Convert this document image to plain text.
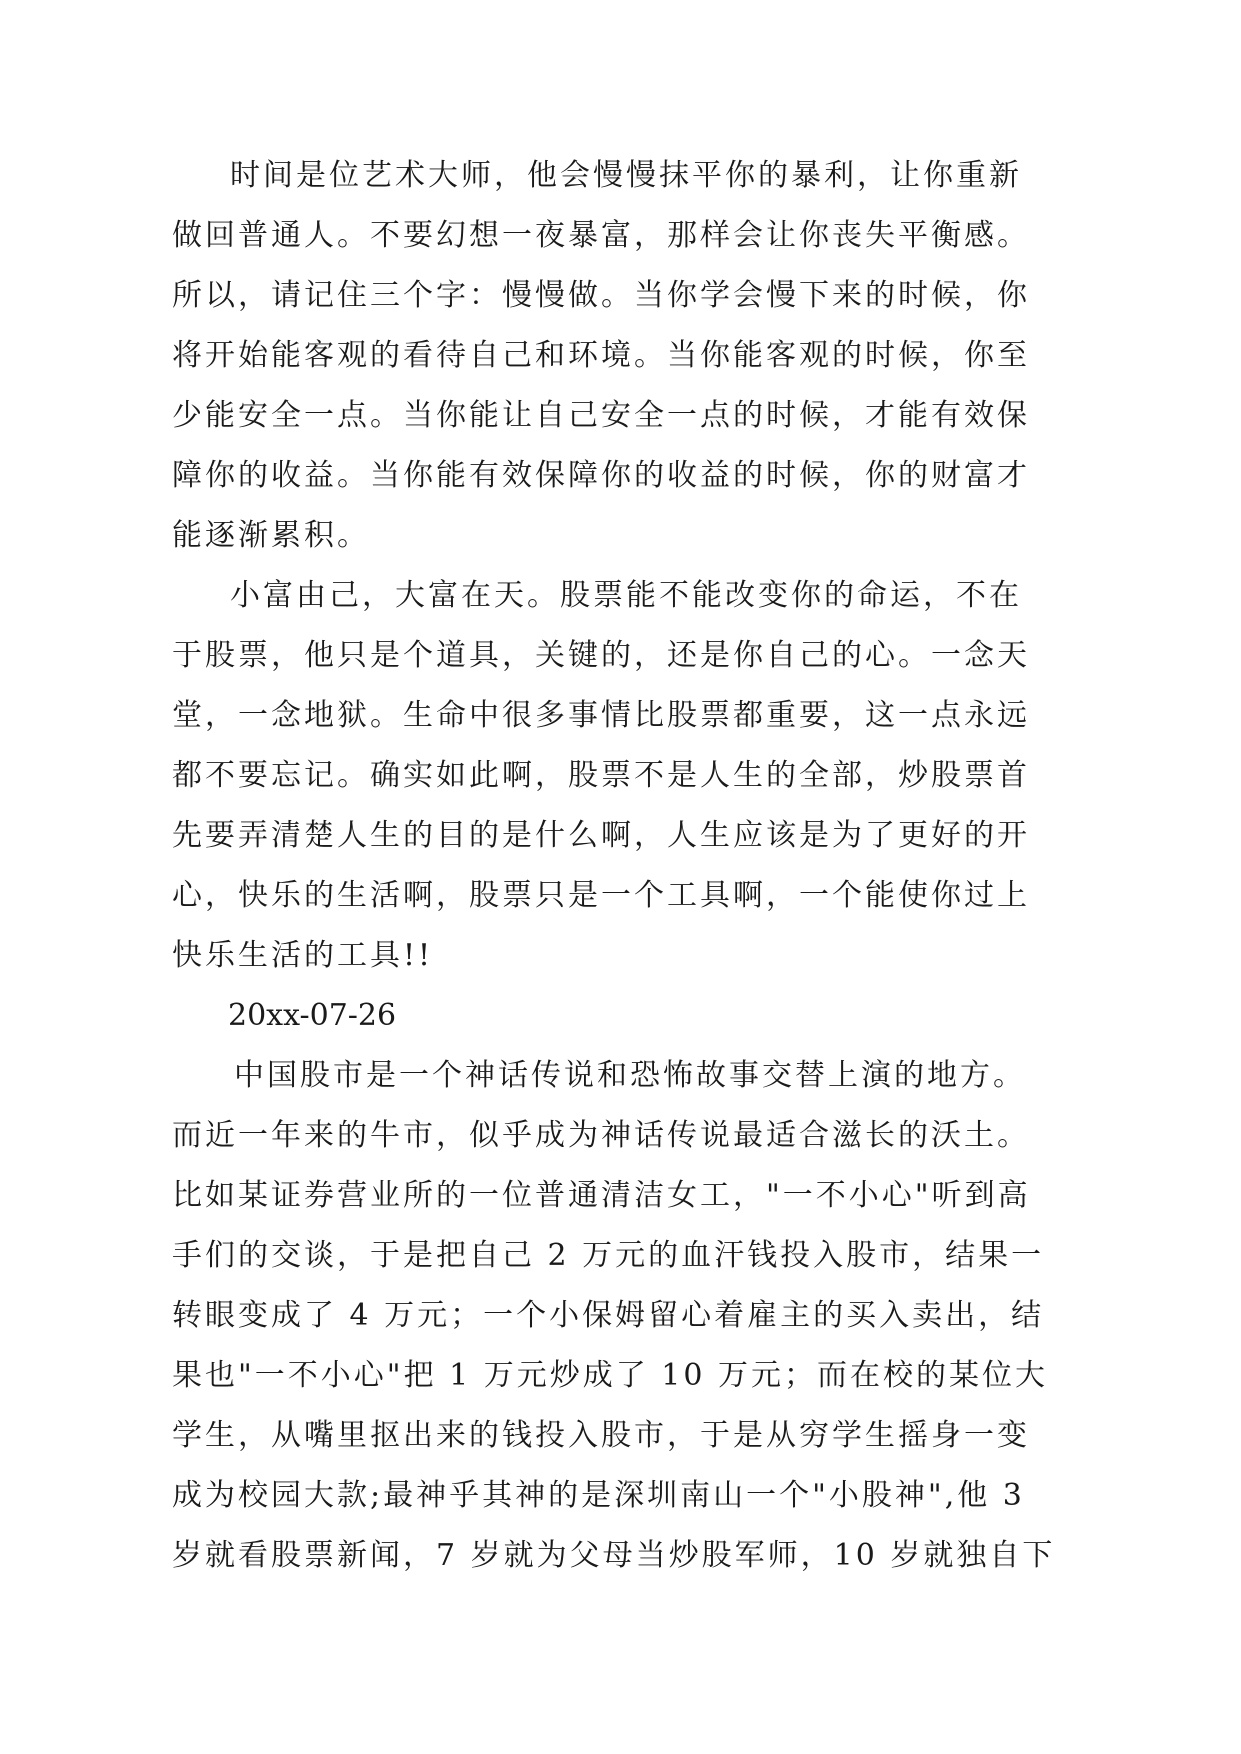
时间是位艺术大师，他会慢慢抹平你的暴利，让你重新
做回普通人。不要幻想一夜暴富，那样会让你丧失平衡感。
所以，请记住三个字：慢慢做。当你学会慢下来的时候，你
将开始能客观的看待自己和环境。当你能客观的时候，你至
少能安全一点。当你能让自己安全一点的时候，才能有效保
障你的收益。当你能有效保障你的收益的时候，你的财富才
能逐渐累积。
小富由己，大富在天。股票能不能改变你的命运，不在
于股票，他只是个道具，关键的，还是你自己的心。一念天
堂，一念地狱。生命中很多事情比股票都重要，这一点永远
都不要忘记。确实如此啊，股票不是人生的全部，炒股票首
先要弄清楚人生的目的是什么啊，人生应该是为了更好的开
心，快乐的生活啊，股票只是一个工具啊，一个能使你过上
快乐生活的工具!!
20xx-07-26
中国股市是一个神话传说和恐怖故事交替上演的地方。
而近一年来的牛市，似乎成为神话传说最适合滋长的沃土。
比如某证券营业所的一位普通清洁女工，"一不小心"听到高
手们的交谈，于是把自己 2 万元的血汗钱投入股市，结果一
转眼变成了 4 万元；一个小保姆留心着雇主的买入卖出，结
果也"一不小心"把 1 万元炒成了 10 万元；而在校的某位大
学生，从嘴里抠出来的钱投入股市，于是从穷学生摇身一变
成为校园大款;最神乎其神的是深圳南山一个"小股神",他 3
岁就看股票新闻，7 岁就为父母当炒股军师，10 岁就独自下
